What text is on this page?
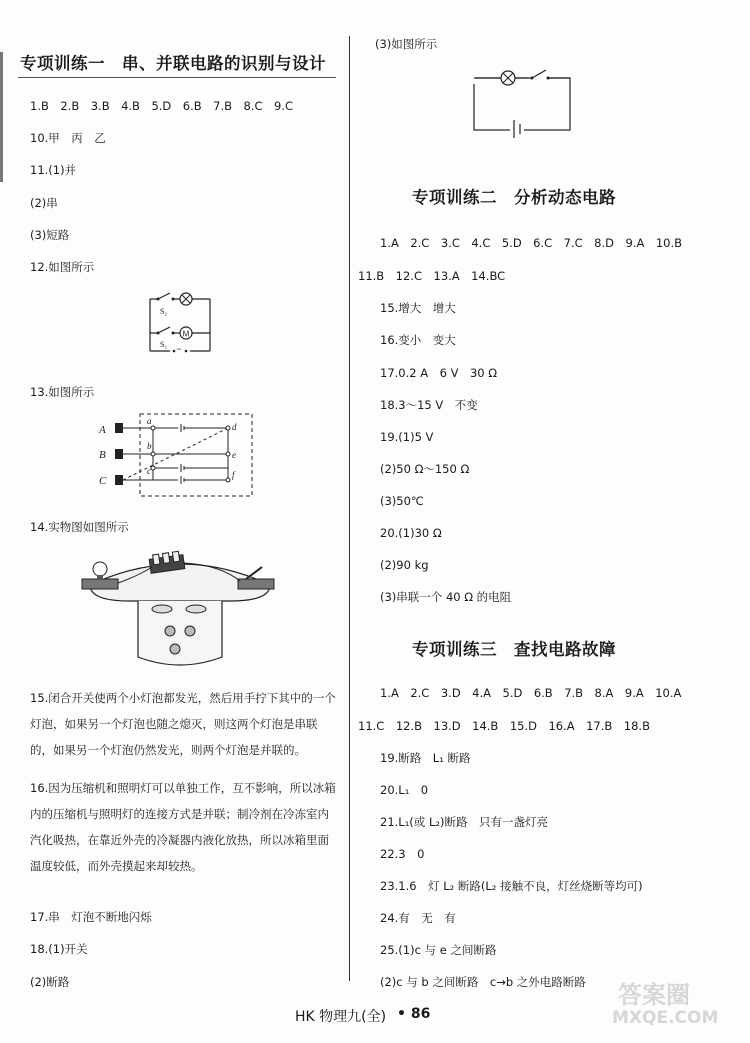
专项训练一　串、并联电路的识别与设计
1.B　2.B　3.B　4.B　5.D　6.B　7.B　8.C　9.C
10.甲　丙　乙
11.(1)并
(2)串
(3)短路
12.如图所示
M
~
S₂
S₁
13.如图所示
A
B
C
a
b
c
d
e
f
14.实物图如图所示
15.闭合开关使两个小灯泡都发光，然后用手拧下其中的一个灯泡，如果另一个灯泡也随之熄灭，则这两个灯泡是串联的，如果另一个灯泡仍然发光，则两个灯泡是并联的。
16.因为压缩机和照明灯可以单独工作，互不影响，所以冰箱内的压缩机与照明灯的连接方式是并联；制冷剂在冷冻室内汽化吸热，在靠近外壳的冷凝器内液化放热，所以冰箱里面温度较低，而外壳摸起来却较热。
17.串　灯泡不断地闪烁
18.(1)开关
(2)断路
(3)如图所示
专项训练二　分析动态电路
1.A　2.C　3.C　4.C　5.D　6.C　7.C　8.D　9.A　10.B
11.B　12.C　13.A　14.BC
15.增大　增大
16.变小　变大
17.0.2 A　6 V　30 Ω
18.3～15 V　不变
19.(1)5 V
(2)50 Ω～150 Ω
(3)50℃
20.(1)30 Ω
(2)90 kg
(3)串联一个 40 Ω 的电阻
专项训练三　查找电路故障
1.A　2.C　3.D　4.A　5.D　6.B　7.B　8.A　9.A　10.A
11.C　12.B　13.D　14.B　15.D　16.A　17.B　18.B
19.断路　L₁ 断路
20.L₁　0
21.L₁(或 L₂)断路　只有一盏灯亮
22.3　0
23.1.6　灯 L₂ 断路(L₂ 接触不良，灯丝烧断等均可)
24.有　无　有
25.(1)c 与 e 之间断路
(2)c 与 b 之间断路　c→b 之外电路断路
HK 物理九(全) • 86
答案圈
MXQE.COM
